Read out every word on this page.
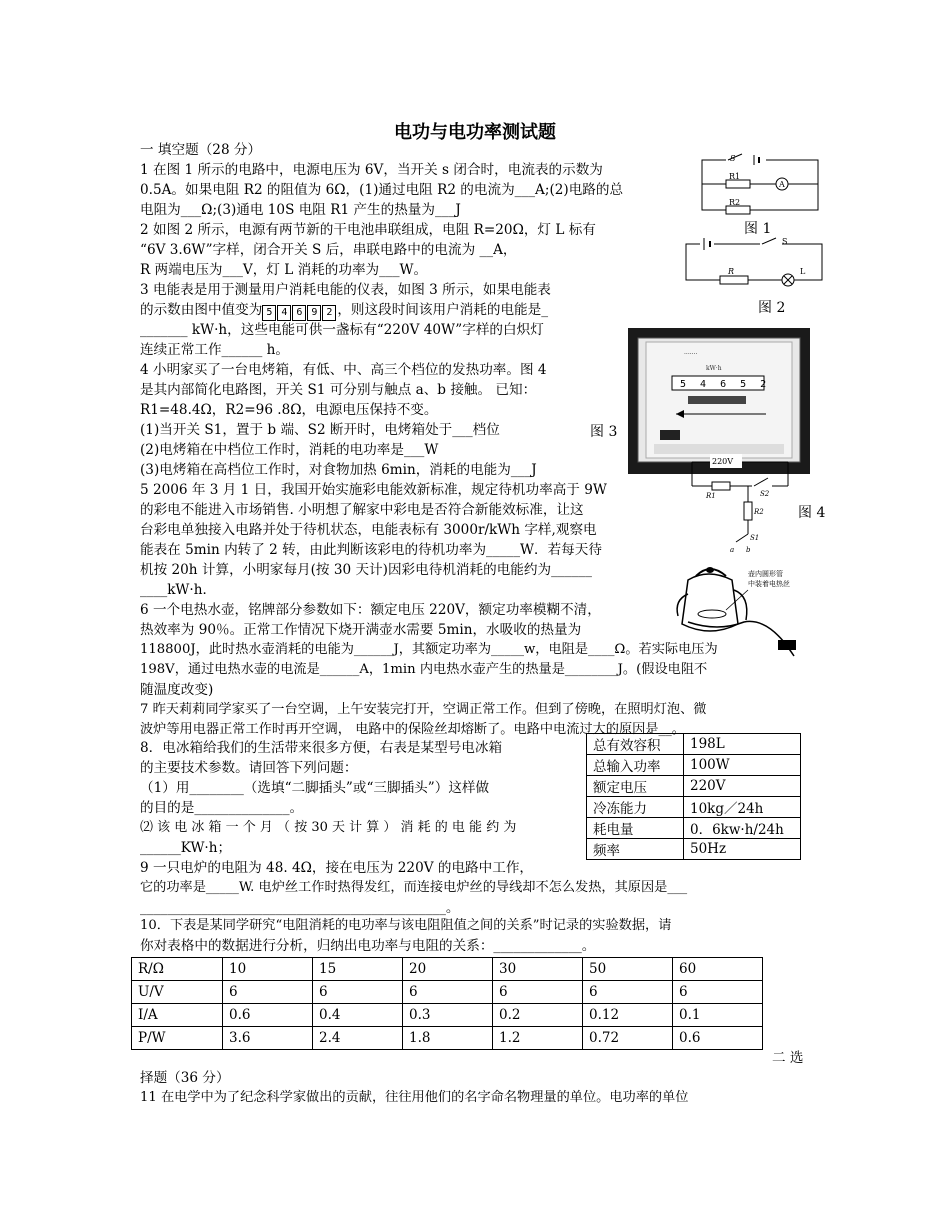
电功与电功率测试题
一 填空题（28 分）
1 在图 1 所示的电路中，电源电压为 6V，当开关 s 闭合时，电流表的示数为
0.5A。如果电阻 R2 的阻值为 6Ω，(1)通过电阻 R2 的电流为___A;(2)电路的总
电阻为___Ω;(3)通电 10S 电阻 R1 产生的热量为___J
2 如图 2 所示，电源有两节新的干电池串联组成，电阻 R=20Ω，灯 L 标有
“6V 3.6W”字样，闭合开关 S 后，串联电路中的电流为 __A，
R 两端电压为___V，灯 L 消耗的功率为___W。
3 电能表是用于测量用户消耗电能的仪表，如图 3 所示，如果电能表
的示数由图中值变为 5 4 6 9 2 ，则这段时间该用户消耗的电能是_
_______ kW·h，这些电能可供一盏标有“220V 40W”字样的白炽灯
连续正常工作______ h。
4 小明家买了一台电烤箱，有低、中、高三个档位的发热功率。图 4
是其内部简化电路图，开关 S1 可分别与触点 a、b 接触。 已知：
R1=48.4Ω，R2=96 .8Ω，电源电压保持不变。
(1)当开关 S1，置于 b 端、S2 断开时，电烤箱处于___档位
(2)电烤箱在中档位工作时，消耗的电功率是___W
(3)电烤箱在高档位工作时，对食物加热 6min，消耗的电能为___J
5 2006 年 3 月 1 日，我国开始实施彩电能效新标准，规定待机功率高于 9W
的彩电不能进入市场销售. 小明想了解家中彩电是否符合新能效标准，让这
台彩电单独接入电路并处于待机状态，电能表标有 3000r/kWh 字样,观察电
能表在 5min 内转了 2 转，由此判断该彩电的待机功率为_____W．若每天待
机按 20h 计算，小明家每月(按 30 天计)因彩电待机消耗的电能约为______
____kW·h．
6 一个电热水壶，铭牌部分参数如下：额定电压 220V，额定功率模糊不清，
热效率为 90％。正常工作情况下烧开满壶水需要 5min，水吸收的热量为
118800J，此时热水壶消耗的电能为______J，其额定功率为_____w，电阻是____Ω。若实际电压为
198V，通过电热水壶的电流是______A，1min 内电热水壶产生的热量是________J。(假设电阻不
随温度改变)
7 昨天莉莉同学家买了一台空调，上午安装完打开，空调正常工作。但到了傍晚，在照明灯泡、微
波炉等用电器正常工作时再开空调， 电路中的保险丝却熔断了。电路中电流过大的原因是__。
8．电冰箱给我们的生活带来很多方便，右表是某型号电冰箱
的主要技术参数。请回答下列问题：
（1）用________（选填“二脚插头”或“三脚插头”）这样做
的目的是______________。
⑵ 该 电 冰 箱 一 个 月 （ 按 30 天 计 算 ） 消 耗 的 电 能 约 为
______KW·h；
9 一只电炉的电阻为 48. 4Ω，接在电压为 220V 的电路中工作，
它的功率是_____W. 电炉丝工作时热得发红，而连接电炉丝的导线却不怎么发热，其原因是___
_____________________________________________。
10．下表是某同学研究“电阻消耗的电功率与该电阻阻值之间的关系”时记录的实验数据，请
你对表格中的数据进行分析，归纳出电功率与电阻的关系：_____________。
二 选
择题（36 分）
11 在电学中为了纪念科学家做出的贡献，往往用他们的名字命名物理量的单位。电功率的单位
S
R1
A
R2
图 1
S
R	L
图 2
·······
kW·h
5 4 6 5 2
图 3
220V
R1	S2
R2
S1
a b
图 4
壶内圆形管
中装着电热丝
总有效容积	198L
总输入功率	100W
额定电压	220V
冷冻能力	10kg／24h
耗电量	0．6kw·h/24h
频率	50Hz
R/Ω	10	15	20	30	50	60
U/V	6	6	6	6	6	6
I/A	0.6	0.4	0.3	0.2	0.12	0.1
P/W	3.6	2.4	1.8	1.2	0.72	0.6
